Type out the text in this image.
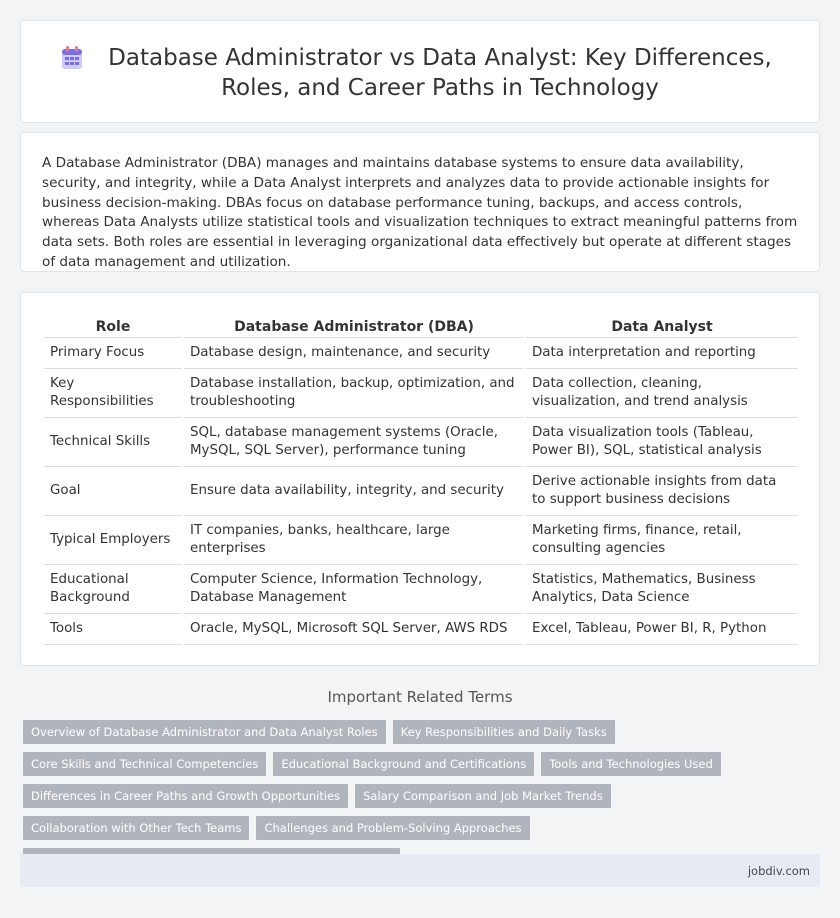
Database Administrator vs Data Analyst: Key Differences, Roles, and Career Paths in Technology

A Database Administrator (DBA) manages and maintains database systems to ensure data availability, security, and integrity, while a Data Analyst interprets and analyzes data to provide actionable insights for business decision-making. DBAs focus on database performance tuning, backups, and access controls, whereas Data Analysts utilize statistical tools and visualization techniques to extract meaningful patterns from data sets. Both roles are essential in leveraging organizational data effectively but operate at different stages of data management and utilization.

Role	Database Administrator (DBA)	Data Analyst
Primary Focus	Database design, maintenance, and security	Data interpretation and reporting
Key Responsibilities	Database installation, backup, optimization, and troubleshooting	Data collection, cleaning, visualization, and trend analysis
Technical Skills	SQL, database management systems (Oracle, MySQL, SQL Server), performance tuning	Data visualization tools (Tableau, Power BI), SQL, statistical analysis
Goal	Ensure data availability, integrity, and security	Derive actionable insights from data to support business decisions
Typical Employers	IT companies, banks, healthcare, large enterprises	Marketing firms, finance, retail, consulting agencies
Educational Background	Computer Science, Information Technology, Database Management	Statistics, Mathematics, Business Analytics, Data Science
Tools	Oracle, MySQL, Microsoft SQL Server, AWS RDS	Excel, Tableau, Power BI, R, Python
Important Related Terms
Overview of Database Administrator and Data Analyst Roles	Key Responsibilities and Daily Tasks
Core Skills and Technical Competencies	Educational Background and Certifications	Tools and Technologies Used
Differences in Career Paths and Growth Opportunities	Salary Comparison and Job Market Trends
Collaboration with Other Tech Teams	Challenges and Problem-Solving Approaches
jobdiv.com
